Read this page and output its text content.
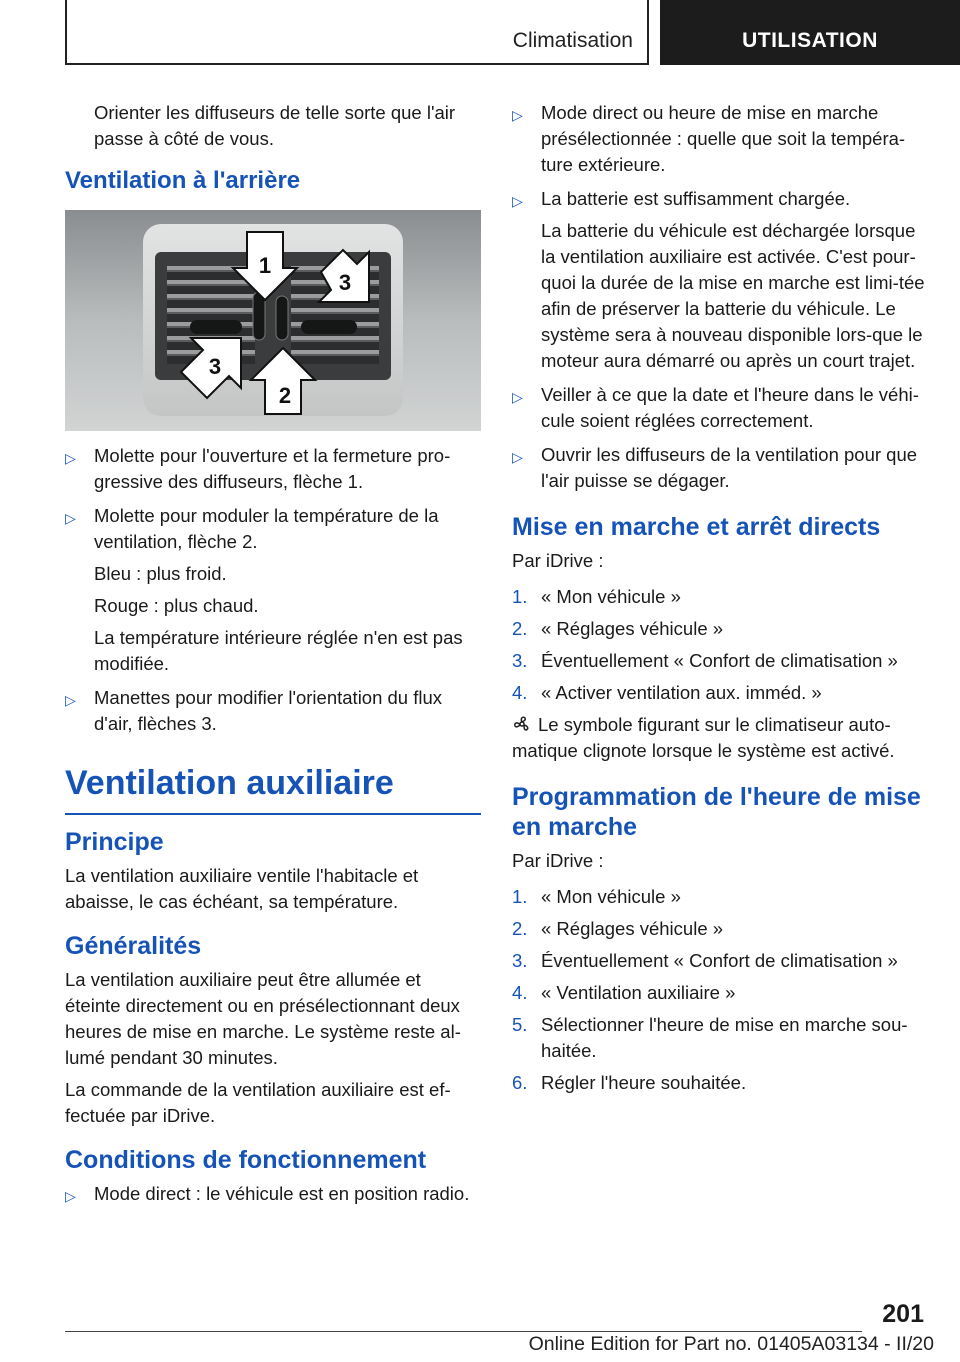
Climatisation	UTILISATION

Orienter les diffuseurs de telle sorte que l'air passe à côté de vous.

Ventilation à l'arrière
1
2
3
3
▷ Molette pour l'ouverture et la fermeture pro-gressive des diffuseurs, flèche 1.
▷ Molette pour moduler la température de la ventilation, flèche 2.
Bleu : plus froid.
Rouge : plus chaud.
La température intérieure réglée n'en est pas modifiée.
▷ Manettes pour modifier l'orientation du flux d'air, flèches 3.
Ventilation auxiliaire
Principe

La ventilation auxiliaire ventile l'habitacle et abaisse, le cas échéant, sa température.

Généralités

La ventilation auxiliaire peut être allumée et éteinte directement ou en présélectionnant deux heures de mise en marche. Le système reste al-lumé pendant 30 minutes.

La commande de la ventilation auxiliaire est ef-fectuée par iDrive.

Conditions de fonctionnement
▷ Mode direct : le véhicule est en position radio.
▷ Mode direct ou heure de mise en marche présélectionnée : quelle que soit la tempéra-ture extérieure.
▷ La batterie est suffisamment chargée.
La batterie du véhicule est déchargée lorsque la ventilation auxiliaire est activée. C'est pour-quoi la durée de la mise en marche est limi-tée afin de préserver la batterie du véhicule. Le système sera à nouveau disponible lors-que le moteur aura démarré ou après un court trajet.
▷ Veiller à ce que la date et l'heure dans le véhi-cule soient réglées correctement.
▷ Ouvrir les diffuseurs de la ventilation pour que l'air puisse se dégager.
Mise en marche et arrêt directs

Par iDrive :

1. « Mon véhicule »
2. « Réglages véhicule »
3. Éventuellement « Confort de climatisation »
4. « Activer ventilation aux. imméd. »

Le symbole figurant sur le climatiseur auto-matique clignote lorsque le système est activé.

Programmation de l'heure de mise en marche

Par iDrive :

1. « Mon véhicule »
2. « Réglages véhicule »
3. Éventuellement « Confort de climatisation »
4. « Ventilation auxiliaire »
5. Sélectionner l'heure de mise en marche sou-haitée.
6. Régler l'heure souhaitée.
201
Online Edition for Part no. 01405A03134 - II/20
